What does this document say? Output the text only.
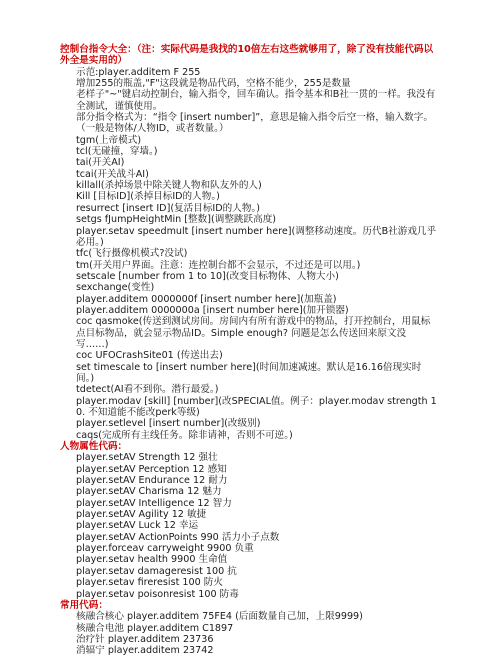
控制台指令大全：（注：实际代码是我找的10倍左右这些就够用了，除了没有技能代码以外全是实用的）

示范:player.additem F 255

增加255的瓶盖,"F"这段就是物品代码，空格不能少，255是数量

老样子"~"键启动控制台，输入指令，回车确认。指令基本和B社一贯的一样。我没有全测试，谨慎使用。

部分指令格式为：“指令 [insert number]”，意思是输入指令后空一格，输入数字。（一般是物体/人物ID，或者数量。）

tgm(上帝模式)

tcl(无碰撞，穿墙。)

tai(开关AI)

tcai(开关战斗AI)

killall(杀掉场景中除关键人物和队友外的人)

Kill [目标ID](杀掉目标ID的人物。)

resurrect [insert ID](复活目标ID的人物。)

setgs fJumpHeightMin [整数](调整跳跃高度)

player.setav speedmult [insert number here](调整移动速度。历代B社游戏几乎必用。)

tfc(飞行摄像机模式?没试)

tm(开关用户界面。注意：连控制台都不会显示，不过还是可以用。)

setscale [number from 1 to 10](改变目标物体、人物大小)

sexchange(变性)

player.additem 0000000f [insert number here](加瓶盖)

player.additem 0000000a [insert number here](加开锁器)

coc qasmoke(传送到测试房间。房间内有所有游戏中的物品，打开控制台，用鼠标点目标物品，就会显示物品ID。Simple enough? 问题是怎么传送回来原文没写……)

coc UFOCrashSite01 (传送出去)

set timescale to [insert number here](时间加速减速。默认是16.16倍现实时间。)

tdetect(AI看不到你。潜行最爱。)

player.modav [skill] [number](改SPECIAL值。例子：player.modav strength 10. 不知道能不能改perk等级)

player.setlevel [insert number](改级别)

caqs(完成所有主线任务。除非请神，否则不可逆。)

人物属性代码：

player.setAV Strength 12 强壮

player.setAV Perception 12 感知

player.setAV Endurance 12 耐力

player.setAV Charisma 12 魅力

player.setAV Intelligence 12 智力

player.setAV Agility 12 敏捷

player.setAV Luck 12 幸运

player.setAV ActionPoints 990 活力小子点数

player.forceav carryweight 9900 负重

player.setav health 9900 生命值

player.setav damageresist 100 抗

player.setav fireresist 100 防火

player.setav poisonresist 100 防毒

常用代码：

核融合核心 player.additem 75FE4 (后面数量自己加，上限9999)

核融合电池 player.additem C1897

治疗针 player.additem 23736

消辐宁 player.additem 23742
